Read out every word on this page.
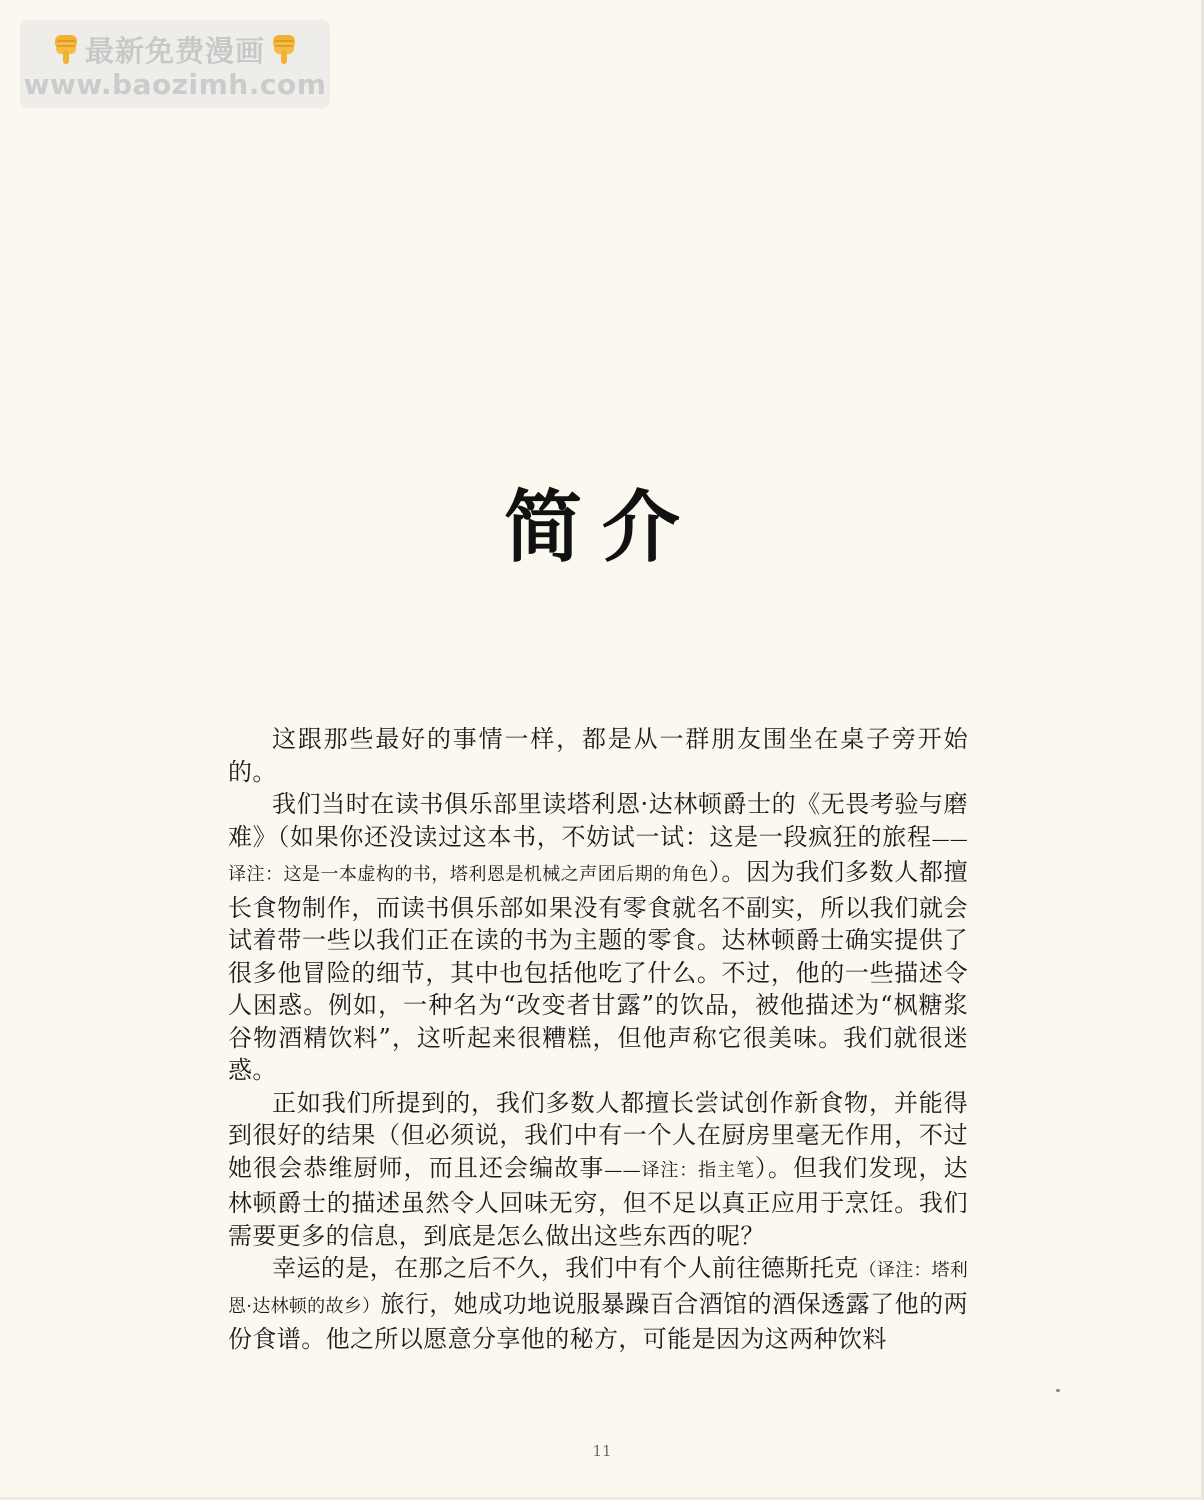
最新免费漫画
www.baozimh.com
简介

这跟那些最好的事情一样，都是从一群朋友围坐在桌子旁开始的。

我们当时在读书俱乐部里读塔利恩·达林顿爵士的《无畏考验与磨难》（如果你还没读过这本书，不妨试一试：这是一段疯狂的旅程——译注：这是一本虚构的书，塔利恩是机械之声团后期的角色）。因为我们多数人都擅长食物制作，而读书俱乐部如果没有零食就名不副实，所以我们就会试着带一些以我们正在读的书为主题的零食。达林顿爵士确实提供了很多他冒险的细节，其中也包括他吃了什么。不过，他的一些描述令人困惑。例如，一种名为“改变者甘露”的饮品，被他描述为“枫糖浆谷物酒精饮料”，这听起来很糟糕，但他声称它很美味。我们就很迷惑。

正如我们所提到的，我们多数人都擅长尝试创作新食物，并能得到很好的结果（但必须说，我们中有一个人在厨房里毫无作用，不过她很会恭维厨师，而且还会编故事——译注：指主笔）。但我们发现，达林顿爵士的描述虽然令人回味无穷，但不足以真正应用于烹饪。我们需要更多的信息，到底是怎么做出这些东西的呢？

幸运的是，在那之后不久，我们中有个人前往德斯托克（译注：塔利恩·达林顿的故乡）旅行，她成功地说服暴躁百合酒馆的酒保透露了他的两份食谱。他之所以愿意分享他的秘方，可能是因为这两种饮料

11
